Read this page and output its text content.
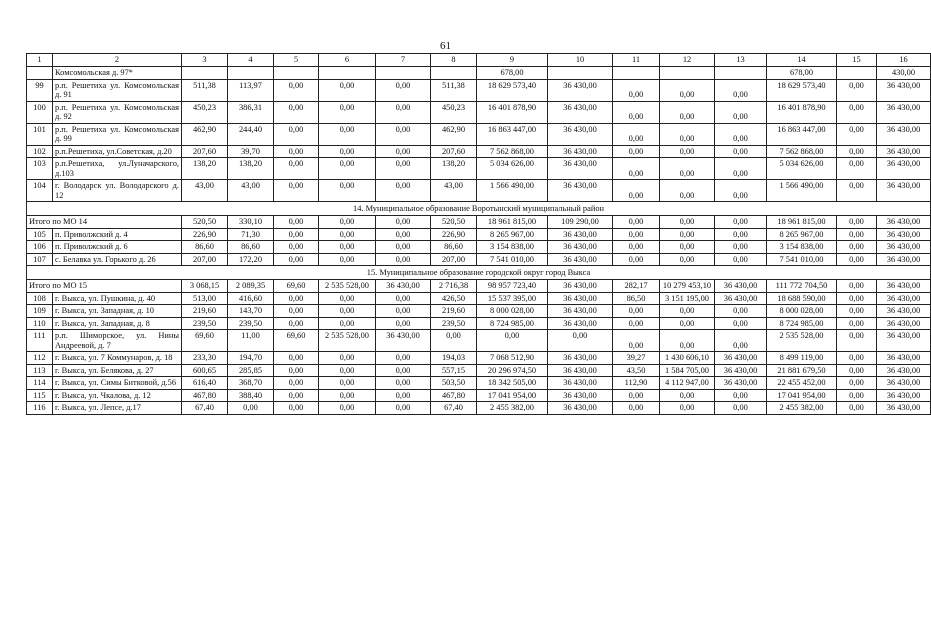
61
1	2	3	4	5	6	7	8	9	10	11	12	13	14	15	16
	Комсомольская д. 97*							678,00					678,00		430,00
99	р.п. Решетиха ул. Комсомольская д. 91	511,38	113,97	0,00	0,00	0,00	511,38	18 629 573,40	36 430,00	0,00	0,00	0,00	18 629 573,40	0,00	36 430,00
100	р.п. Решетиха ул. Комсомольская д. 92	450,23	386,31	0,00	0,00	0,00	450,23	16 401 878,90	36 430,00	0,00	0,00	0,00	16 401 878,90	0,00	36 430,00
101	р.п. Решетиха ул. Комсомольская д. 99	462,90	244,40	0,00	0,00	0,00	462,90	16 863 447,00	36 430,00	0,00	0,00	0,00	16 863 447,00	0,00	36 430,00
102	р.п.Решетиха, ул.Советская, д.20	207,60	39,70	0,00	0,00	0,00	207,60	7 562 868,00	36 430,00	0,00	0,00	0,00	7 562 868,00	0,00	36 430,00
103	р.п.Решетиха, ул.Луначарского, д.103	138,20	138,20	0,00	0,00	0,00	138,20	5 034 626,00	36 430,00	0,00	0,00	0,00	5 034 626,00	0,00	36 430,00
104	г. Володарск ул. Володарского д. 12	43,00	43,00	0,00	0,00	0,00	43,00	1 566 490,00	36 430,00	0,00	0,00	0,00	1 566 490,00	0,00	36 430,00
14. Муниципальное образование Воротынский муниципальный район															
Итого по МО 14		520,50	330,10	0,00	0,00	0,00	520,50	18 961 815,00	109 290,00	0,00	0,00	0,00	18 961 815,00	0,00	36 430,00
105	п. Приволжский д. 4	226,90	71,30	0,00	0,00	0,00	226,90	8 265 967,00	36 430,00	0,00	0,00	0,00	8 265 967,00	0,00	36 430,00
106	п. Приволжский д. 6	86,60	86,60	0,00	0,00	0,00	86,60	3 154 838,00	36 430,00	0,00	0,00	0,00	3 154 838,00	0,00	36 430,00
107	с. Белавка ул. Горького д. 26	207,00	172,20	0,00	0,00	0,00	207,00	7 541 010,00	36 430,00	0,00	0,00	0,00	7 541 010,00	0,00	36 430,00
15. Муниципальное образование городской округ город Выкса															
Итого по МО 15		3 068,15	2 089,35	69,60	2 535 528,00	36 430,00	2 716,38	98 957 723,40	36 430,00	282,17	10 279 453,10	36 430,00	111 772 704,50	0,00	36 430,00
108	г. Выкса, ул. Пушкина, д. 40	513,00	416,60	0,00	0,00	0,00	426,50	15 537 395,00	36 430,00	86,50	3 151 195,00	36 430,00	18 688 590,00	0,00	36 430,00
109	г. Выкса, ул. Западная, д. 10	219,60	143,70	0,00	0,00	0,00	219,60	8 000 028,00	36 430,00	0,00	0,00	0,00	8 000 028,00	0,00	36 430,00
110	г. Выкса, ул. Западная, д. 8	239,50	239,50	0,00	0,00	0,00	239,50	8 724 985,00	36 430,00	0,00	0,00	0,00	8 724 985,00	0,00	36 430,00
111	р.п. Шиморское, ул. Нины Андреевой, д. 7	69,60	11,00	69,60	2 535 528,00	36 430,00	0,00	0,00	0,00	0,00	0,00	0,00	2 535 528,00	0,00	36 430,00
112	г. Выкса, ул. 7 Коммунаров, д. 18	233,30	194,70	0,00	0,00	0,00	194,03	7 068 512,90	36 430,00	39,27	1 430 606,10	36 430,00	8 499 119,00	0,00	36 430,00
113	г. Выкса, ул. Белякова, д. 27	600,65	285,85	0,00	0,00	0,00	557,15	20 296 974,50	36 430,00	43,50	1 584 705,00	36 430,00	21 881 679,50	0,00	36 430,00
114	г. Выкса, ул. Симы Битковой, д.56	616,40	368,70	0,00	0,00	0,00	503,50	18 342 505,00	36 430,00	112,90	4 112 947,00	36 430,00	22 455 452,00	0,00	36 430,00
115	г. Выкса, ул. Чкалова, д. 12	467,80	388,40	0,00	0,00	0,00	467,80	17 041 954,00	36 430,00	0,00	0,00	0,00	17 041 954,00	0,00	36 430,00
116	г. Выкса, ул. Лепсе, д.17	67,40	0,00	0,00	0,00	0,00	67,40	2 455 382,00	36 430,00	0,00	0,00	0,00	2 455 382,00	0,00	36 430,00
